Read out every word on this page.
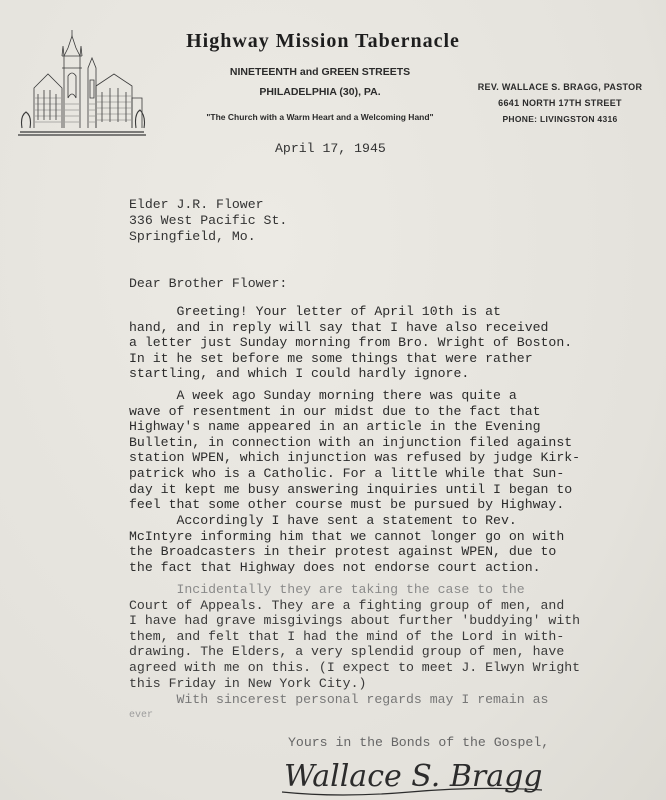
Highway Mission Tabernacle
NINETEENTH and GREEN STREETS
PHILADELPHIA (30), PA.
"The Church with a Warm Heart and a Welcoming Hand"
REV. WALLACE S. BRAGG, PASTOR
6641 NORTH 17TH STREET
PHONE: LIVINGSTON 4316
April 17, 1945
Elder J.R. Flower
336 West Pacific St.
Springfield, Mo.
Dear Brother Flower:
Greeting! Your letter of April 10th is at
hand, and in reply will say that I have also received
a letter just Sunday morning from Bro. Wright of Boston.
In it he set before me some things that were rather
startling, and which I could hardly ignore.
A week ago Sunday morning there was quite a
wave of resentment in our midst due to the fact that
Highway's name appeared in an article in the Evening
Bulletin, in connection with an injunction filed against
station WPEN, which injunction was refused by judge Kirk-
patrick who is a Catholic. For a little while that Sun-
day it kept me busy answering inquiries until I began to
feel that some other course must be pursued by Highway.
Accordingly I have sent a statement to Rev.
McIntyre informing him that we cannot longer go on with
the Broadcasters in their protest against WPEN, due to
the fact that Highway does not endorse court action.
Incidentally they are taking the case to the
Court of Appeals. They are a fighting group of men, and
I have had grave misgivings about further 'buddying' with
them, and felt that I had the mind of the Lord in with-
drawing. The Elders, a very splendid group of men, have
agreed with me on this. (I expect to meet J. Elwyn Wright
this Friday in New York City.)
With sincerest personal regards may I remain as
ever
Yours in the Bonds of the Gospel,
Wallace S. Bragg
